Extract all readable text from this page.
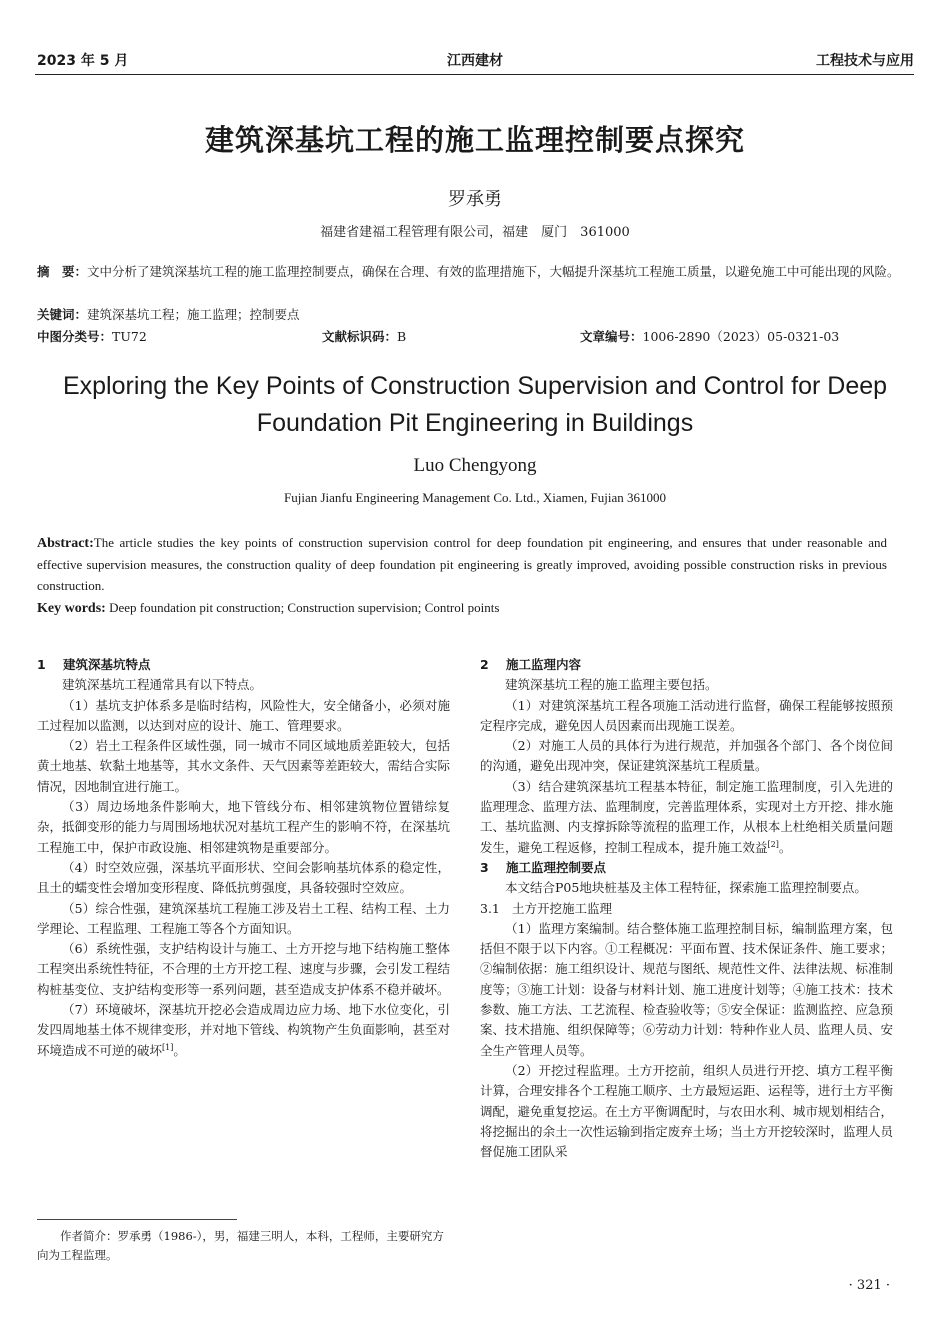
2023 年 5 月	江西建材	工程技术与应用
建筑深基坑工程的施工监理控制要点探究
罗承勇
福建省建福工程管理有限公司，福建　厦门　361000
摘　要：文中分析了建筑深基坑工程的施工监理控制要点，确保在合理、有效的监理措施下，大幅提升深基坑工程施工质量，以避免施工中可能出现的风险。
关键词：建筑深基坑工程；施工监理；控制要点
中图分类号：TU72	文献标识码：B	文章编号：1006-2890（2023）05-0321-03
Exploring the Key Points of Construction Supervision and Control for Deep Foundation Pit Engineering in Buildings
Luo Chengyong
Fujian Jianfu Engineering Management Co. Ltd., Xiamen, Fujian 361000
Abstract:The article studies the key points of construction supervision control for deep foundation pit engineering, and ensures that under reasonable and effective supervision measures, the construction quality of deep foundation pit engineering is greatly improved, avoiding possible construction risks in previous construction.
Key words: Deep foundation pit construction; Construction supervision; Control points
1 建筑深基坑特点

建筑深基坑工程通常具有以下特点。

（1）基坑支护体系多是临时结构，风险性大，安全储备小，必须对施工过程加以监测，以达到对应的设计、施工、管理要求。

（2）岩土工程条件区域性强，同一城市不同区域地质差距较大，包括黄土地基、软黏土地基等，其水文条件、天气因素等差距较大，需结合实际情况，因地制宜进行施工。

（3）周边场地条件影响大，地下管线分布、相邻建筑物位置错综复杂，抵御变形的能力与周围场地状况对基坑工程产生的影响不符，在深基坑工程施工中，保护市政设施、相邻建筑物是重要部分。

（4）时空效应强，深基坑平面形状、空间会影响基坑体系的稳定性，且土的蠕变性会增加变形程度、降低抗剪强度，具备较强时空效应。

（5）综合性强，建筑深基坑工程施工涉及岩土工程、结构工程、土力学理论、工程监理、工程施工等各个方面知识。

（6）系统性强，支护结构设计与施工、土方开挖与地下结构施工整体工程突出系统性特征，不合理的土方开挖工程、速度与步骤，会引发工程结构桩基变位、支护结构变形等一系列问题，甚至造成支护体系不稳并破坏。

（7）环境破坏，深基坑开挖必会造成周边应力场、地下水位变化，引发四周地基土体不规律变形，并对地下管线、构筑物产生负面影响，甚至对环境造成不可逆的破坏[1]。

作者简介：罗承勇（1986-），男，福建三明人，本科，工程师，主要研究方向为工程监理。
2 施工监理内容

建筑深基坑工程的施工监理主要包括。

（1）对建筑深基坑工程各项施工活动进行监督，确保工程能够按照预定程序完成，避免因人员因素而出现施工误差。

（2）对施工人员的具体行为进行规范，并加强各个部门、各个岗位间的沟通，避免出现冲突，保证建筑深基坑工程质量。

（3）结合建筑深基坑工程基本特征，制定施工监理制度，引入先进的监理理念、监理方法、监理制度，完善监理体系，实现对土方开挖、排水施工、基坑监测、内支撑拆除等流程的监理工作，从根本上杜绝相关质量问题发生，避免工程返修，控制工程成本，提升施工效益[2]。

3 施工监理控制要点

本文结合P05地块桩基及主体工程特征，探索施工监理控制要点。

3.1 土方开挖施工监理

（1）监理方案编制。结合整体施工监理控制目标，编制监理方案，包括但不限于以下内容。①工程概况：平面布置、技术保证条件、施工要求；②编制依据：施工组织设计、规范与图纸、规范性文件、法律法规、标准制度等；③施工计划：设备与材料计划、施工进度计划等；④施工技术：技术参数、施工方法、工艺流程、检查验收等；⑤安全保证：监测监控、应急预案、技术措施、组织保障等；⑥劳动力计划：特种作业人员、监理人员、安全生产管理人员等。

（2）开挖过程监理。土方开挖前，组织人员进行开挖、填方工程平衡计算，合理安排各个工程施工顺序、土方最短运距、运程等，进行土方平衡调配，避免重复挖运。在土方平衡调配时，与农田水利、城市规划相结合，将挖掘出的余土一次性运输到指定废弃土场；当土方开挖较深时，监理人员督促施工团队采

· 321 ·
